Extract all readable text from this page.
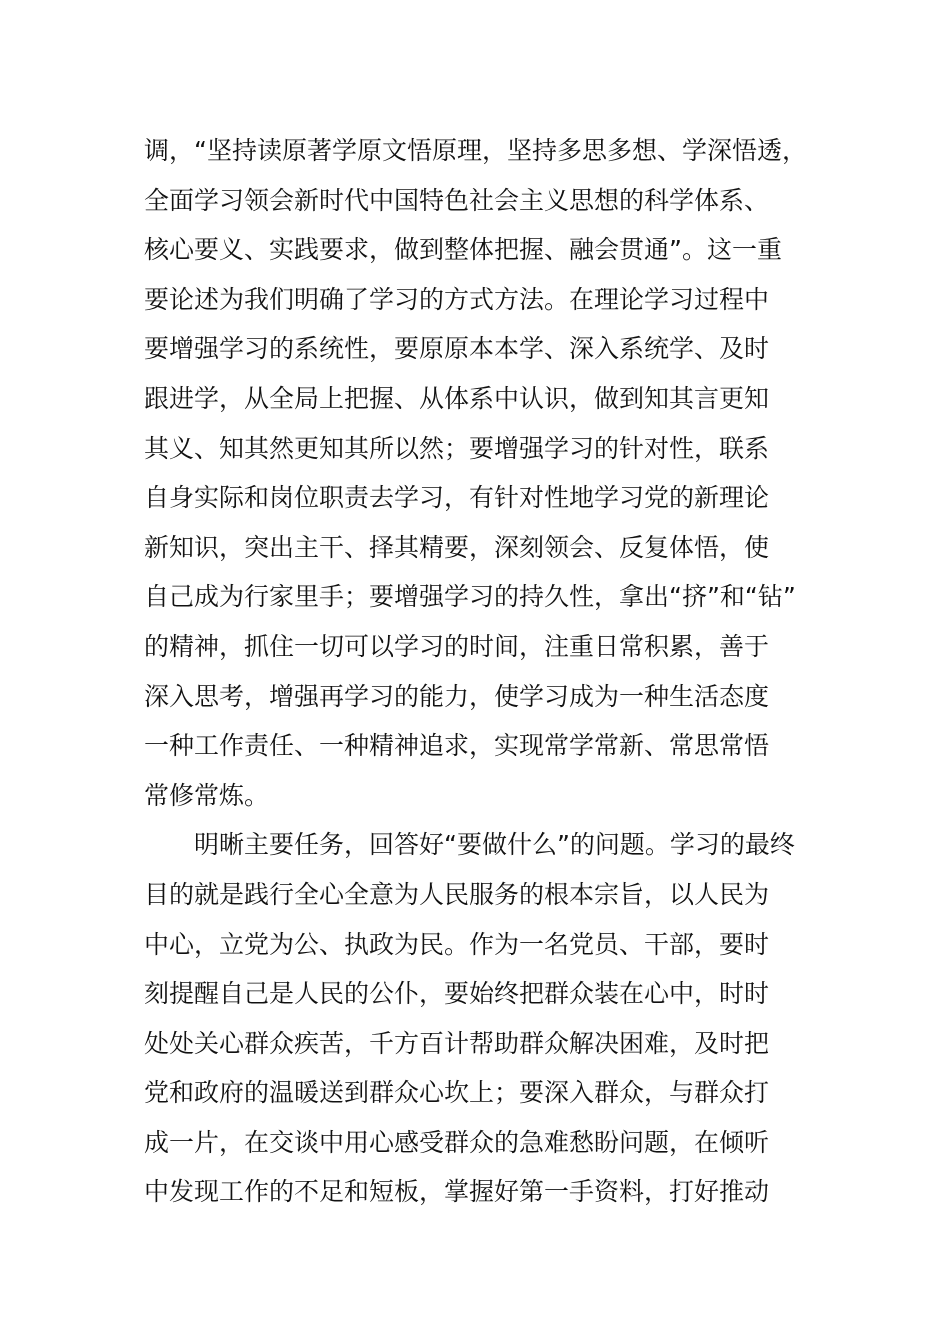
调，“坚持读原著学原文悟原理，坚持多思多想、学深悟透，
全面学习领会新时代中国特色社会主义思想的科学体系、
核心要义、实践要求，做到整体把握、融会贯通”。这一重
要论述为我们明确了学习的方式方法。在理论学习过程中
要增强学习的系统性，要原原本本学、深入系统学、及时
跟进学，从全局上把握、从体系中认识，做到知其言更知
其义、知其然更知其所以然；要增强学习的针对性，联系
自身实际和岗位职责去学习，有针对性地学习党的新理论
新知识，突出主干、择其精要，深刻领会、反复体悟，使
自己成为行家里手；要增强学习的持久性，拿出“挤”和“钻”
的精神，抓住一切可以学习的时间，注重日常积累，善于
深入思考，增强再学习的能力，使学习成为一种生活态度
一种工作责任、一种精神追求，实现常学常新、常思常悟
常修常炼。
明晰主要任务，回答好“要做什么”的问题。学习的最终
目的就是践行全心全意为人民服务的根本宗旨，以人民为
中心，立党为公、执政为民。作为一名党员、干部，要时
刻提醒自己是人民的公仆，要始终把群众装在心中，时时
处处关心群众疾苦，千方百计帮助群众解决困难，及时把
党和政府的温暖送到群众心坎上；要深入群众，与群众打
成一片，在交谈中用心感受群众的急难愁盼问题，在倾听
中发现工作的不足和短板，掌握好第一手资料，打好推动
